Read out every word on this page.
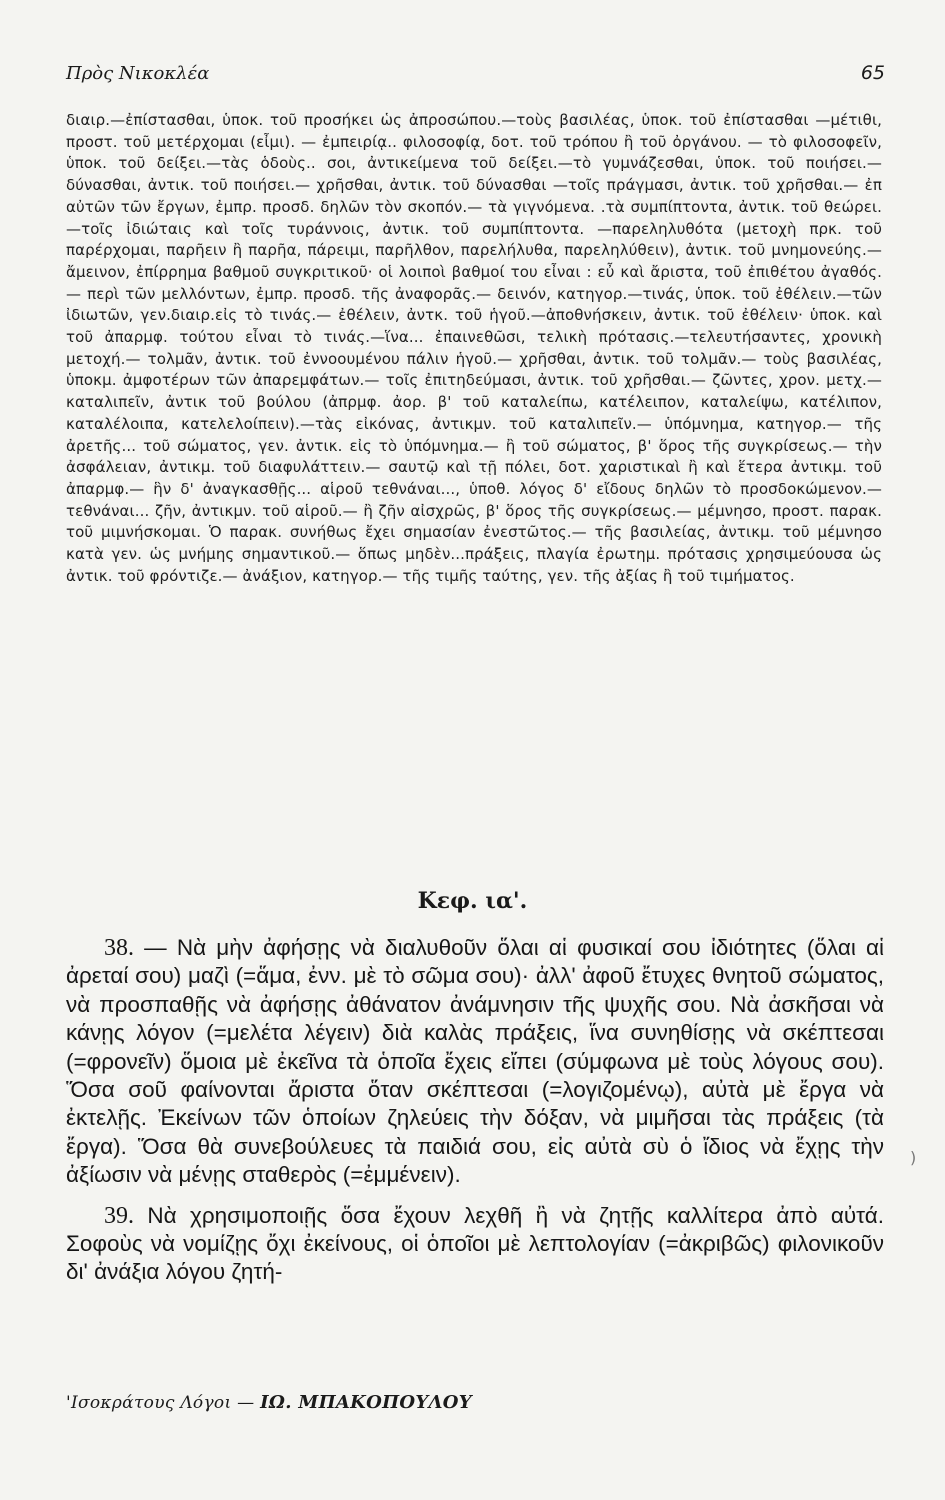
Πρὸς Νικοκλέα	65

διαιρ.—ἐπίστασθαι, ὑποκ. τοῦ προσήκει ὡς ἀπροσώπου.—τοὺς βασιλέας, ὑποκ. τοῦ ἐπίστασθαι —μέτιθι, προστ. τοῦ μετέρχομαι (εἶμι). — ἐμπειρίᾳ.. φιλοσοφίᾳ, δοτ. τοῦ τρόπου ἢ τοῦ ὀργάνου. — τὸ φιλοσοφεῖν, ὑποκ. τοῦ δείξει.—τὰς ὁδοὺς.. σοι, ἀντικείμενα τοῦ δείξει.—τὸ γυμνάζεσθαι, ὑποκ. τοῦ ποιήσει.— δύνασθαι, ἀντικ. τοῦ ποιήσει.— χρῆσθαι, ἀντικ. τοῦ δύνασθαι —τοῖς πράγμασι, ἀντικ. τοῦ χρῆσθαι.— ἐπ αὐτῶν τῶν ἔργων, ἐμπρ. προσδ. δηλῶν τὸν σκοπόν.— τὰ γιγνόμενα. .τὰ συμπίπτοντα, ἀντικ. τοῦ θεώρει.—τοῖς ἰδιώταις καὶ τοῖς τυράννοις, ἀντικ. τοῦ συμπίπτοντα. —παρεληλυθότα (μετοχὴ πρκ. τοῦ παρέρχομαι, παρῆειν ἢ παρῆα, πάρειμι, παρῆλθον, παρελήλυθα, παρεληλύθειν), ἀντικ. τοῦ μνημονεύης.—ἄμεινον, ἐπίρρημα βαθμοῦ συγκριτικοῦ· οἱ λοιποὶ βαθμοί του εἶναι : εὖ καὶ ἄριστα, τοῦ ἐπιθέτου ἀγαθός.— περὶ τῶν μελλόντων, ἐμπρ. προσδ. τῆς ἀναφορᾶς.— δεινόν, κατηγορ.—τινάς, ὑποκ. τοῦ ἐθέλειν.—τῶν ἰδιωτῶν, γεν.διαιρ.εἰς τὸ τινάς.— ἐθέλειν, ἀντκ. τοῦ ἡγοῦ.—ἀποθνήσκειν, ἀντικ. τοῦ ἐθέλειν· ὑποκ. καὶ τοῦ ἀπαρμφ. τούτου εἶναι τὸ τινάς.—ἵνα... ἐπαινεθῶσι, τελικὴ πρότασις.—τελευτήσαντες, χρονικὴ μετοχή.— τολμᾶν, ἀντικ. τοῦ ἐννοουμένου πάλιν ἡγοῦ.— χρῆσθαι, ἀντικ. τοῦ τολμᾶν.— τοὺς βασιλέας, ὑποκμ. ἀμφοτέρων τῶν ἀπαρεμφάτων.— τοῖς ἐπιτηδεύμασι, ἀντικ. τοῦ χρῆσθαι.— ζῶντες, χρον. μετχ.— καταλιπεῖν, ἀντικ τοῦ βούλου (ἀπρμφ. ἀορ. β' τοῦ καταλείπω, κατέλειπον, καταλείψω, κατέλιπον, καταλέλοιπα, κατελελοίπειν).—τὰς εἰκόνας, ἀντικμν. τοῦ καταλιπεῖν.— ὑπόμνημα, κατηγορ.— τῆς ἀρετῆς... τοῦ σώματος, γεν. ἀντικ. εἰς τὸ ὑπόμνημα.— ἢ τοῦ σώματος, β' ὅρος τῆς συγκρίσεως.— τὴν ἀσφάλειαν, ἀντικμ. τοῦ διαφυλάττειν.— σαυτῷ καὶ τῇ πόλει, δοτ. χαριστικαὶ ἢ καὶ ἕτερα ἀντικμ. τοῦ ἀπαρμφ.— ἣν δ' ἀναγκασθῇς... αἱροῦ τεθνάναι..., ὑποθ. λόγος δ' εἴδους δηλῶν τὸ προσδοκώμενον.— τεθνάναι... ζῆν, ἀντικμν. τοῦ αἱροῦ.— ἢ ζῆν αἰσχρῶς, β' ὅρος τῆς συγκρίσεως.— μέμνησο, προστ. παρακ. τοῦ μιμνήσκομαι. Ὁ παρακ. συνήθως ἔχει σημασίαν ἐνεστῶτος.— τῆς βασιλείας, ἀντικμ. τοῦ μέμνησο κατὰ γεν. ὡς μνήμης σημαντικοῦ.— ὅπως μηδὲν...πράξεις, πλαγία ἐρωτημ. πρότασις χρησιμεύουσα ὡς ἀντικ. τοῦ φρόντιζε.— ἀνάξιον, κατηγορ.— τῆς τιμῆς ταύτης, γεν. τῆς ἀξίας ἢ τοῦ τιμήματος.

Κεφ. ια'.

38. — Νὰ μὴν ἀφήσῃς νὰ διαλυθοῦν ὅλαι αἱ φυσικαί σου ἰδιότητες (ὅλαι αἱ ἀρεταί σου) μαζὶ (=ἅμα, ἐνν. μὲ τὸ σῶμα σου)· ἀλλ' ἀφοῦ ἔτυχες θνητοῦ σώματος, νὰ προσπαθῇς νὰ ἀφήσῃς ἀθάνατον ἀνάμνησιν τῆς ψυχῆς σου. Νὰ ἀσκῆσαι νὰ κάνῃς λόγον (=μελέτα λέγειν) διὰ καλὰς πράξεις, ἵνα συνηθίσῃς νὰ σκέπτεσαι (=φρονεῖν) ὅμοια μὲ ἐκεῖνα τὰ ὁποῖα ἔχεις εἴπει (σύμφωνα μὲ τοὺς λόγους σου). Ὅσα σοῦ φαίνονται ἄριστα ὅταν σκέπτεσαι (=λογιζομένῳ), αὐτὰ μὲ ἔργα νὰ ἐκτελῇς. Ἐκείνων τῶν ὁποίων ζηλεύεις τὴν δόξαν, νὰ μιμῆσαι τὰς πράξεις (τὰ ἔργα). Ὅσα θὰ συνεβούλευες τὰ παιδιά σου, εἰς αὐτὰ σὺ ὁ ἴδιος νὰ ἔχῃς τὴν ἀξίωσιν νὰ μένῃς σταθερὸς (=ἐμμένειν).

39. Νὰ χρησιμοποιῇς ὅσα ἔχουν λεχθῆ ἢ νὰ ζητῇς καλλίτερα ἀπὸ αὐτά. Σοφοὺς νὰ νομίζῃς ὄχι ἐκείνους, οἱ ὁποῖοι μὲ λεπτολογίαν (=ἀκριβῶς) φιλονικοῦν δι' ἀνάξια λόγου ζητή-

)
'Ισοκράτους Λόγοι — ΙΩ. ΜΠΑΚΟΠΟΥΛΟΥ
